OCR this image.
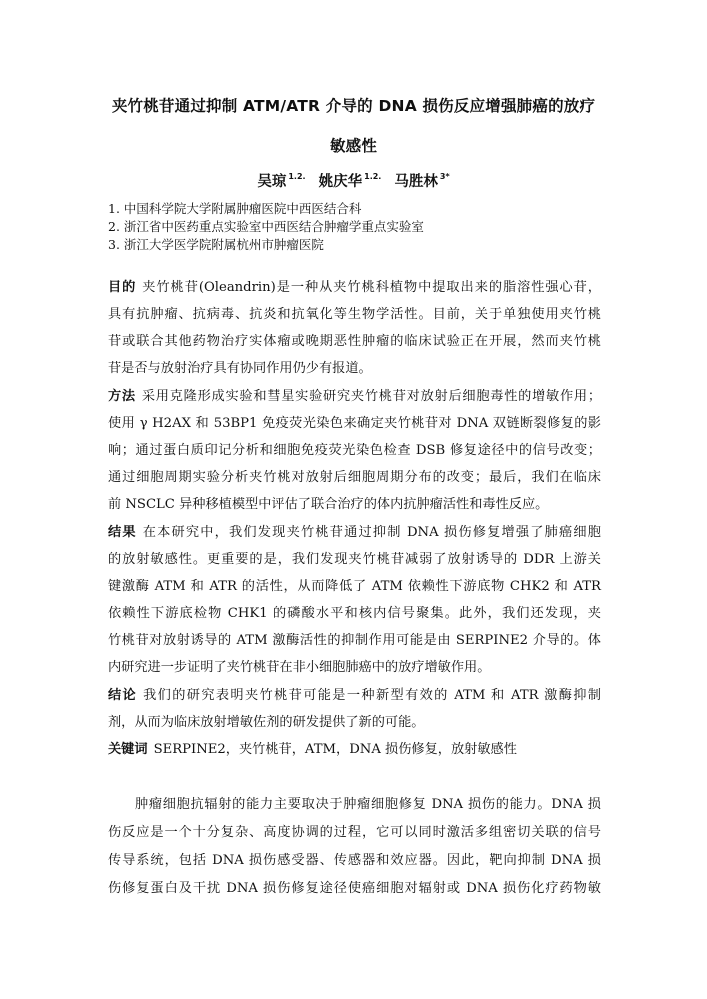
夹竹桃苷通过抑制 ATM/ATR 介导的 DNA 损伤反应增强肺癌的放疗
敏感性
吴琼 $^{1.2.}$ 姚庆华 $^{1.2.}$ 马胜林 $^{3*}$
1. 中国科学院大学附属肿瘤医院中西医结合科
2. 浙江省中医药重点实验室中西医结合肿瘤学重点实验室
3. 浙江大学医学院附属杭州市肿瘤医院
目的 夹竹桃苷(Oleandrin)是一种从夹竹桃科植物中提取出来的脂溶性强心苷，
具有抗肿瘤、抗病毒、抗炎和抗氧化等生物学活性。目前，关于单独使用夹竹桃
苷或联合其他药物治疗实体瘤或晚期恶性肿瘤的临床试验正在开展，然而夹竹桃
苷是否与放射治疗具有协同作用仍少有报道。
方法 采用克隆形成实验和彗星实验研究夹竹桃苷对放射后细胞毒性的增敏作用；
使用 γ H2AX 和 53BP1 免疫荧光染色来确定夹竹桃苷对 DNA 双链断裂修复的影
响；通过蛋白质印记分析和细胞免疫荧光染色检查 DSB 修复途径中的信号改变；
通过细胞周期实验分析夹竹桃对放射后细胞周期分布的改变；最后，我们在临床
前 NSCLC 异种移植模型中评估了联合治疗的体内抗肿瘤活性和毒性反应。
结果 在本研究中，我们发现夹竹桃苷通过抑制 DNA 损伤修复增强了肺癌细胞
的放射敏感性。更重要的是，我们发现夹竹桃苷减弱了放射诱导的 DDR 上游关
键激酶 ATM 和 ATR 的活性，从而降低了 ATM 依赖性下游底物 CHK2 和 ATR
依赖性下游底检物 CHK1 的磷酸水平和核内信号聚集。此外，我们还发现，夹
竹桃苷对放射诱导的 ATM 激酶活性的抑制作用可能是由 SERPINE2 介导的。体
内研究进一步证明了夹竹桃苷在非小细胞肺癌中的放疗增敏作用。
结论 我们的研究表明夹竹桃苷可能是一种新型有效的 ATM 和 ATR 激酶抑制
剂，从而为临床放射增敏佐剂的研发提供了新的可能。
关键词 SERPINE2，夹竹桃苷，ATM，DNA 损伤修复，放射敏感性
肿瘤细胞抗辐射的能力主要取决于肿瘤细胞修复 DNA 损伤的能力。DNA 损
伤反应是一个十分复杂、高度协调的过程，它可以同时激活多组密切关联的信号
传导系统，包括 DNA 损伤感受器、传感器和效应器。因此，靶向抑制 DNA 损
伤修复蛋白及干扰 DNA 损伤修复途径使癌细胞对辐射或 DNA 损伤化疗药物敏
